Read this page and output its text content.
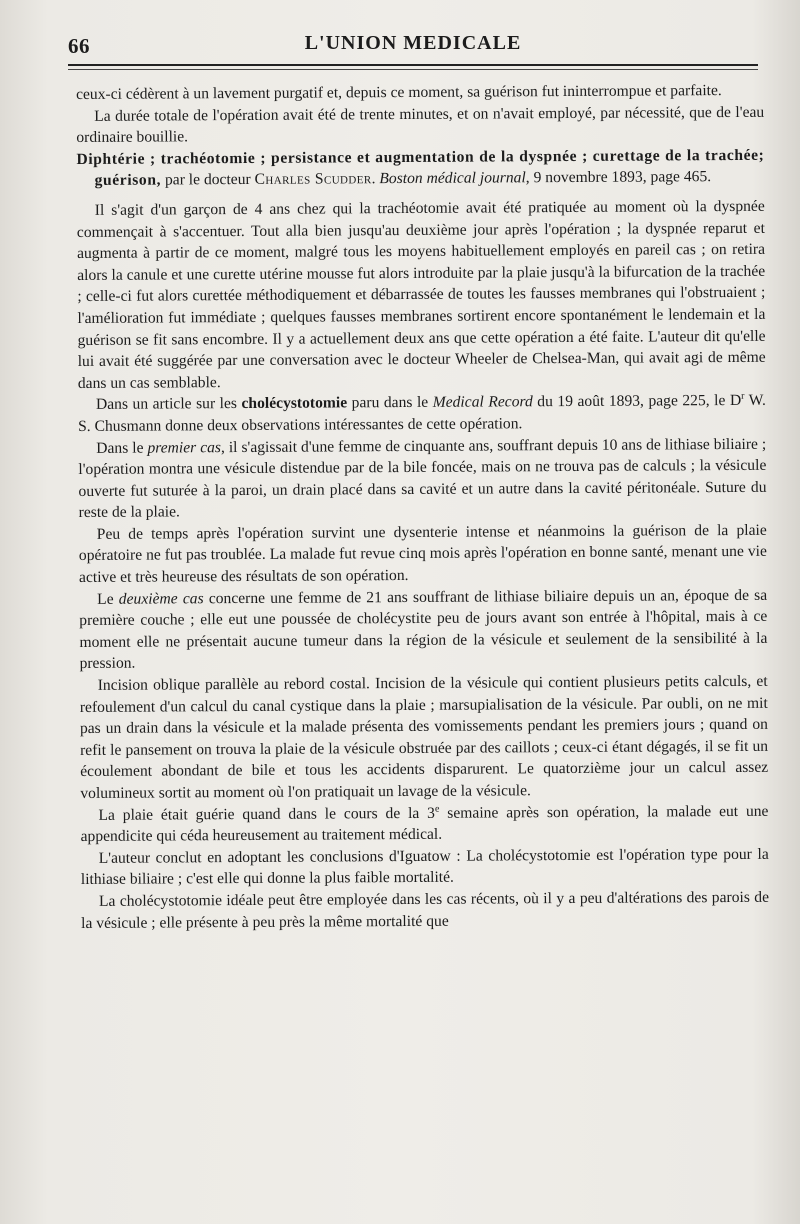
66	L'UNION MEDICALE

ceux-ci cédèrent à un lavement purgatif et, depuis ce moment, sa guérison fut ininterrompue et parfaite.

La durée totale de l'opération avait été de trente minutes, et on n'avait employé, par nécessité, que de l'eau ordinaire bouillie.

Diphtérie ; trachéotomie ; persistance et augmentation de la dyspnée ; curettage de la trachée; guérison, par le docteur Charles Scudder. Boston médical journal, 9 novembre 1893, page 465.

Il s'agit d'un garçon de 4 ans chez qui la trachéotomie avait été pratiquée au moment où la dyspnée commençait à s'accentuer. Tout alla bien jusqu'au deuxième jour après l'opération ; la dyspnée reparut et augmenta à partir de ce moment, malgré tous les moyens habituellement employés en pareil cas ; on retira alors la canule et une curette utérine mousse fut alors introduite par la plaie jusqu'à la bifurcation de la trachée ; celle-ci fut alors curettée méthodiquement et débarrassée de toutes les fausses membranes qui l'obstruaient ; l'amélioration fut immédiate ; quelques fausses membranes sortirent encore spontanément le lendemain et la guérison se fit sans encombre. Il y a actuellement deux ans que cette opération a été faite. L'auteur dit qu'elle lui avait été suggérée par une conversation avec le docteur Wheeler de Chelsea-Man, qui avait agi de même dans un cas semblable.

Dans un article sur les cholécystotomie paru dans le Medical Record du 19 août 1893, page 225, le $D^r$ W. S. Chusmann donne deux observations intéressantes de cette opération.

Dans le premier cas, il s'agissait d'une femme de cinquante ans, souffrant depuis 10 ans de lithiase biliaire ; l'opération montra une vésicule distendue par de la bile foncée, mais on ne trouva pas de calculs ; la vésicule ouverte fut suturée à la paroi, un drain placé dans sa cavité et un autre dans la cavité péritonéale. Suture du reste de la plaie.

Peu de temps après l'opération survint une dysenterie intense et néanmoins la guérison de la plaie opératoire ne fut pas troublée. La malade fut revue cinq mois après l'opération en bonne santé, menant une vie active et très heureuse des résultats de son opération.

Le deuxième cas concerne une femme de 21 ans souffrant de lithiase biliaire depuis un an, époque de sa première couche ; elle eut une poussée de cholécystite peu de jours avant son entrée à l'hôpital, mais à ce moment elle ne présentait aucune tumeur dans la région de la vésicule et seulement de la sensibilité à la pression.

Incision oblique parallèle au rebord costal. Incision de la vésicule qui contient plusieurs petits calculs, et refoulement d'un calcul du canal cystique dans la plaie ; marsupialisation de la vésicule. Par oubli, on ne mit pas un drain dans la vésicule et la malade présenta des vomissements pendant les premiers jours ; quand on refit le pansement on trouva la plaie de la vésicule obstruée par des caillots ; ceux-ci étant dégagés, il se fit un écoulement abondant de bile et tous les accidents disparurent. Le quatorzième jour un calcul assez volumineux sortit au moment où l'on pratiquait un lavage de la vésicule.

La plaie était guérie quand dans le cours de la 3e semaine après son opération, la malade eut une appendicite qui céda heureusement au traitement médical.

L'auteur conclut en adoptant les conclusions d'Iguatow : La cholécystotomie est l'opération type pour la lithiase biliaire ; c'est elle qui donne la plus faible mortalité.

La cholécystotomie idéale peut être employée dans les cas récents, où il y a peu d'altérations des parois de la vésicule ; elle présente à peu près la même mortalité que
